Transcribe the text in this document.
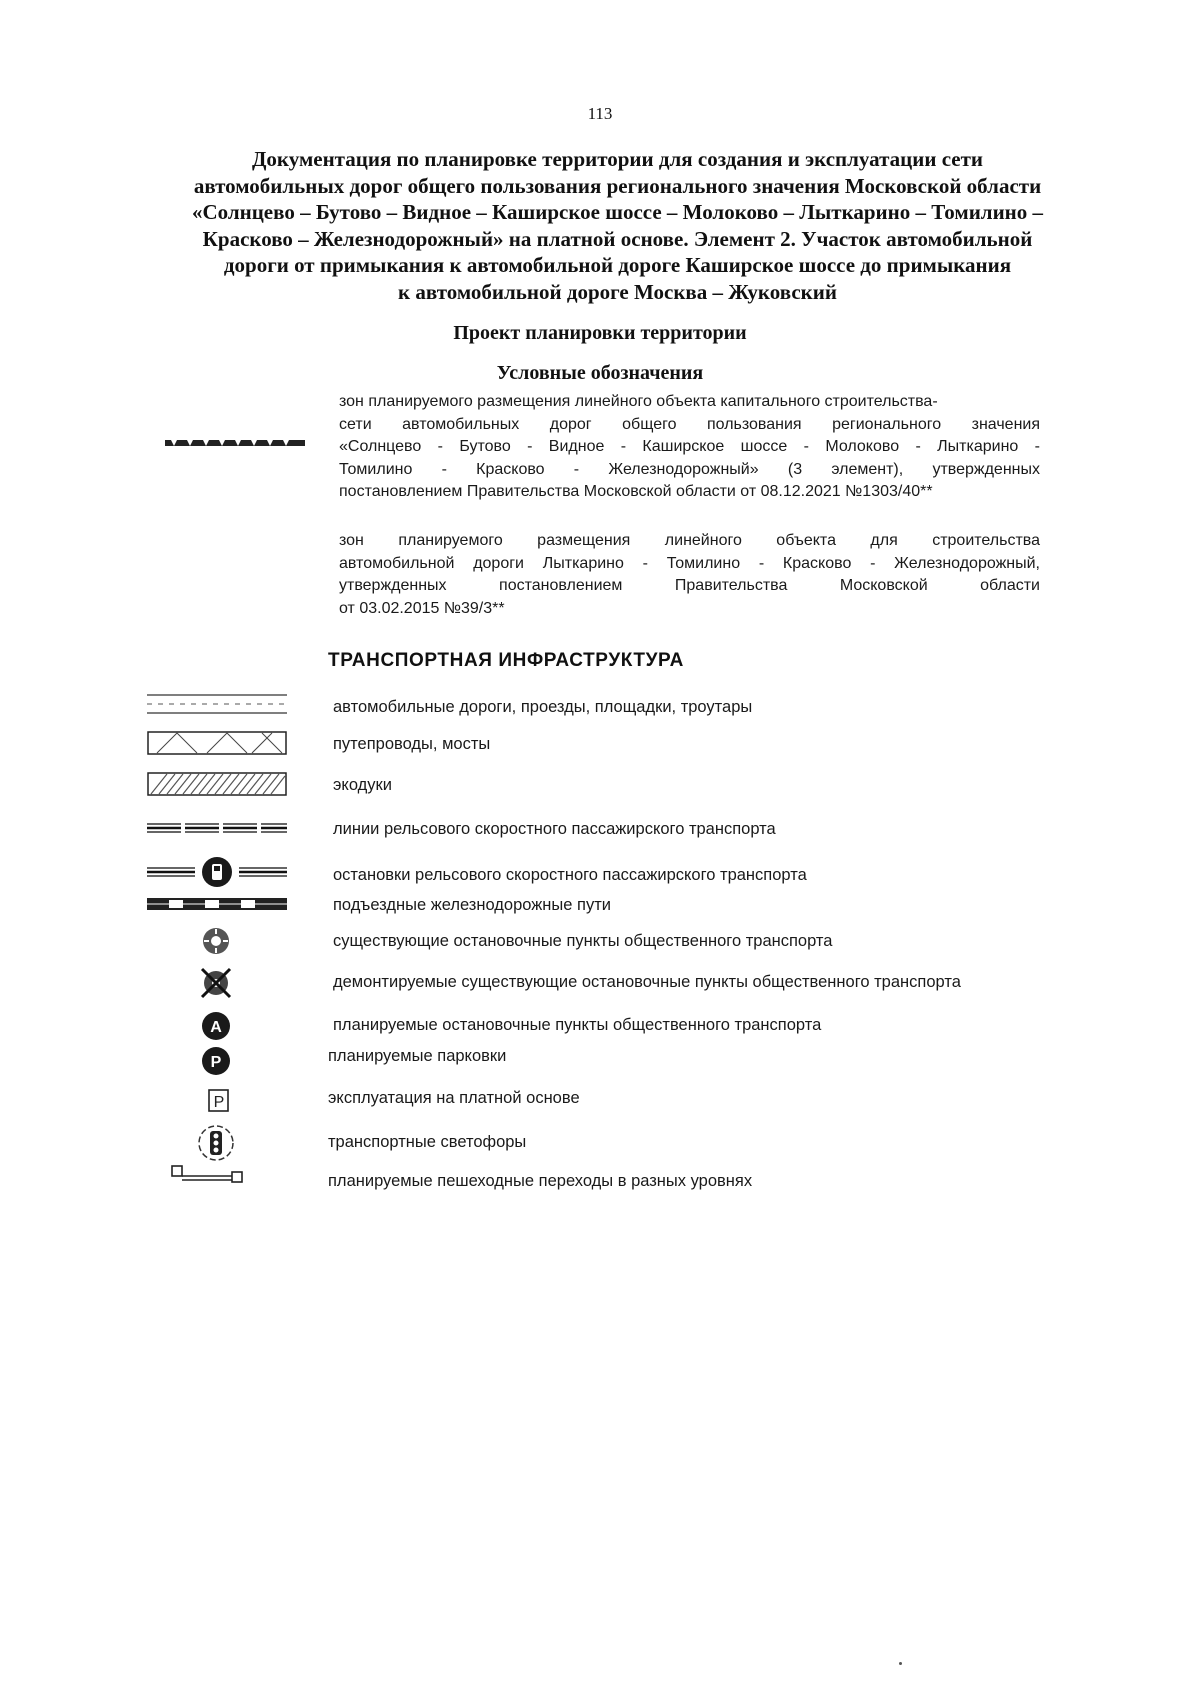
113
Документация по планировке территории для создания и эксплуатации сети
автомобильных дорог общего пользования регионального значения Московской области
«Солнцево – Бутово – Видное – Каширское шоссе – Молоково – Лыткарино – Томилино –
Красково – Железнодорожный» на платной основе. Элемент 2. Участок автомобильной
дороги от примыкания к автомобильной дороге Каширское шоссе до примыкания
к автомобильной дороге Москва – Жуковский
Проект планировки территории
Условные обозначения
зон планируемого размещения линейного объекта капитального строительства-
сети автомобильных дорог общего пользования регионального значения
«Солнцево - Бутово - Видное - Каширское шоссе - Молоково - Лыткарино -
Томилино - Красково - Железнодорожный» (3 элемент), утвержденных
постановлением Правительства Московской области от 08.12.2021 №1303/40**
зон планируемого размещения линейного объекта для строительства
автомобильной дороги Лыткарино - Томилино - Красково - Железнодорожный,
утвержденных постановлением Правительства Московской области
от 03.02.2015 №39/3**
ТРАНСПОРТНАЯ ИНФРАСТРУКТУРА
автомобильные дороги, проезды, площадки, троутары
путепроводы, мосты
экодуки
линии рельсового скоростного пассажирского транспорта
остановки рельсового скоростного пассажирского транспорта
подъездные железнодорожные пути
существующие остановочные пункты общественного транспорта
демонтируемые существующие остановочные пункты общественного транспорта
A	планируемые остановочные пункты общественного транспорта
P	планируемые парковки
P	эксплуатация на платной основе
транспортные светофоры
планируемые пешеходные переходы в разных уровнях
